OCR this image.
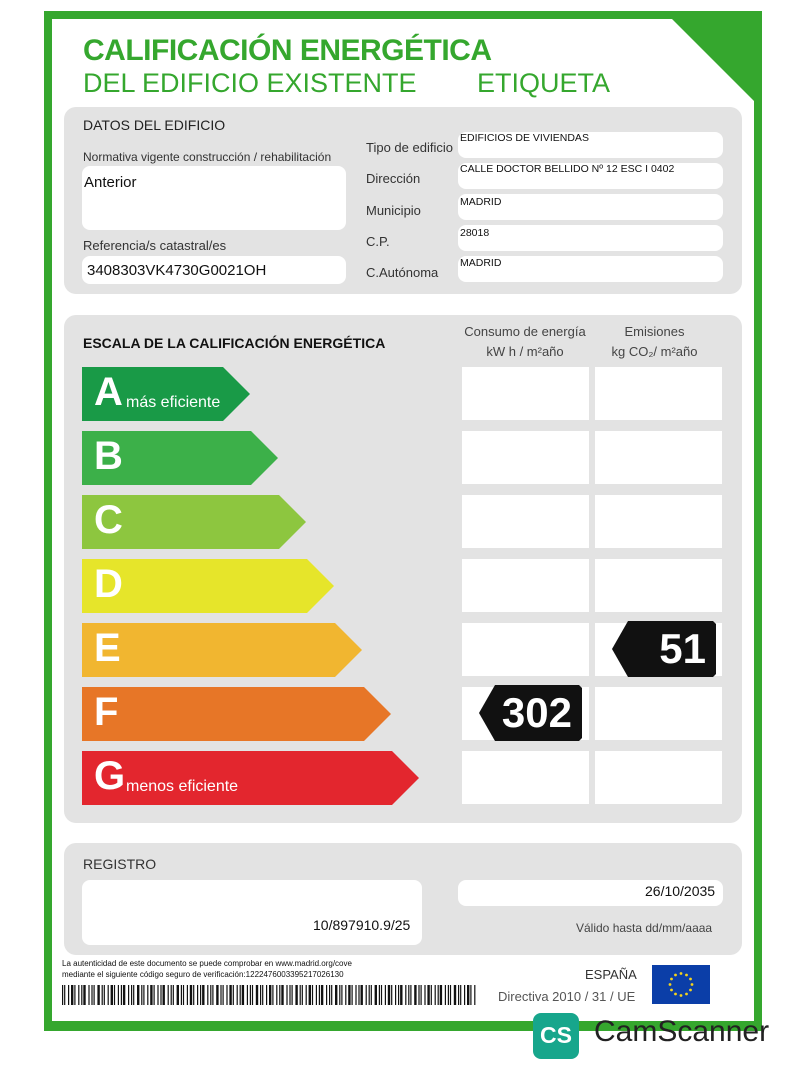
CALIFICACIÓN ENERGÉTICA
DEL EDIFICIO EXISTENTE ETIQUETA
DATOS DEL EDIFICIO
Normativa vigente construcción / rehabilitación
Anterior
Referencia/s catastral/es
3408303VK4730G0021OH
Tipo de edificio
Dirección
Municipio
C.P.
C.Autónoma
EDIFICIOS DE VIVIENDAS
CALLE DOCTOR BELLIDO Nº 12 ESC I 0402
MADRID
28018
MADRID
ESCALA DE LA CALIFICACIÓN ENERGÉTICA
Consumo de energía
kW h / m²año
Emisiones
kg CO₂/ m²año
A más eficiente
B
C
D
E
F
G menos eficiente
302
51
REGISTRO
10/897910.9/25
26/10/2035
Válido hasta dd/mm/aaaa
La autenticidad de este documento se puede comprobar en www.madrid.org/cove
mediante el siguiente código seguro de verificación:1222476003395217026130	ESPAÑA
Directiva 2010 / 31 / UE
CS CamScanner
